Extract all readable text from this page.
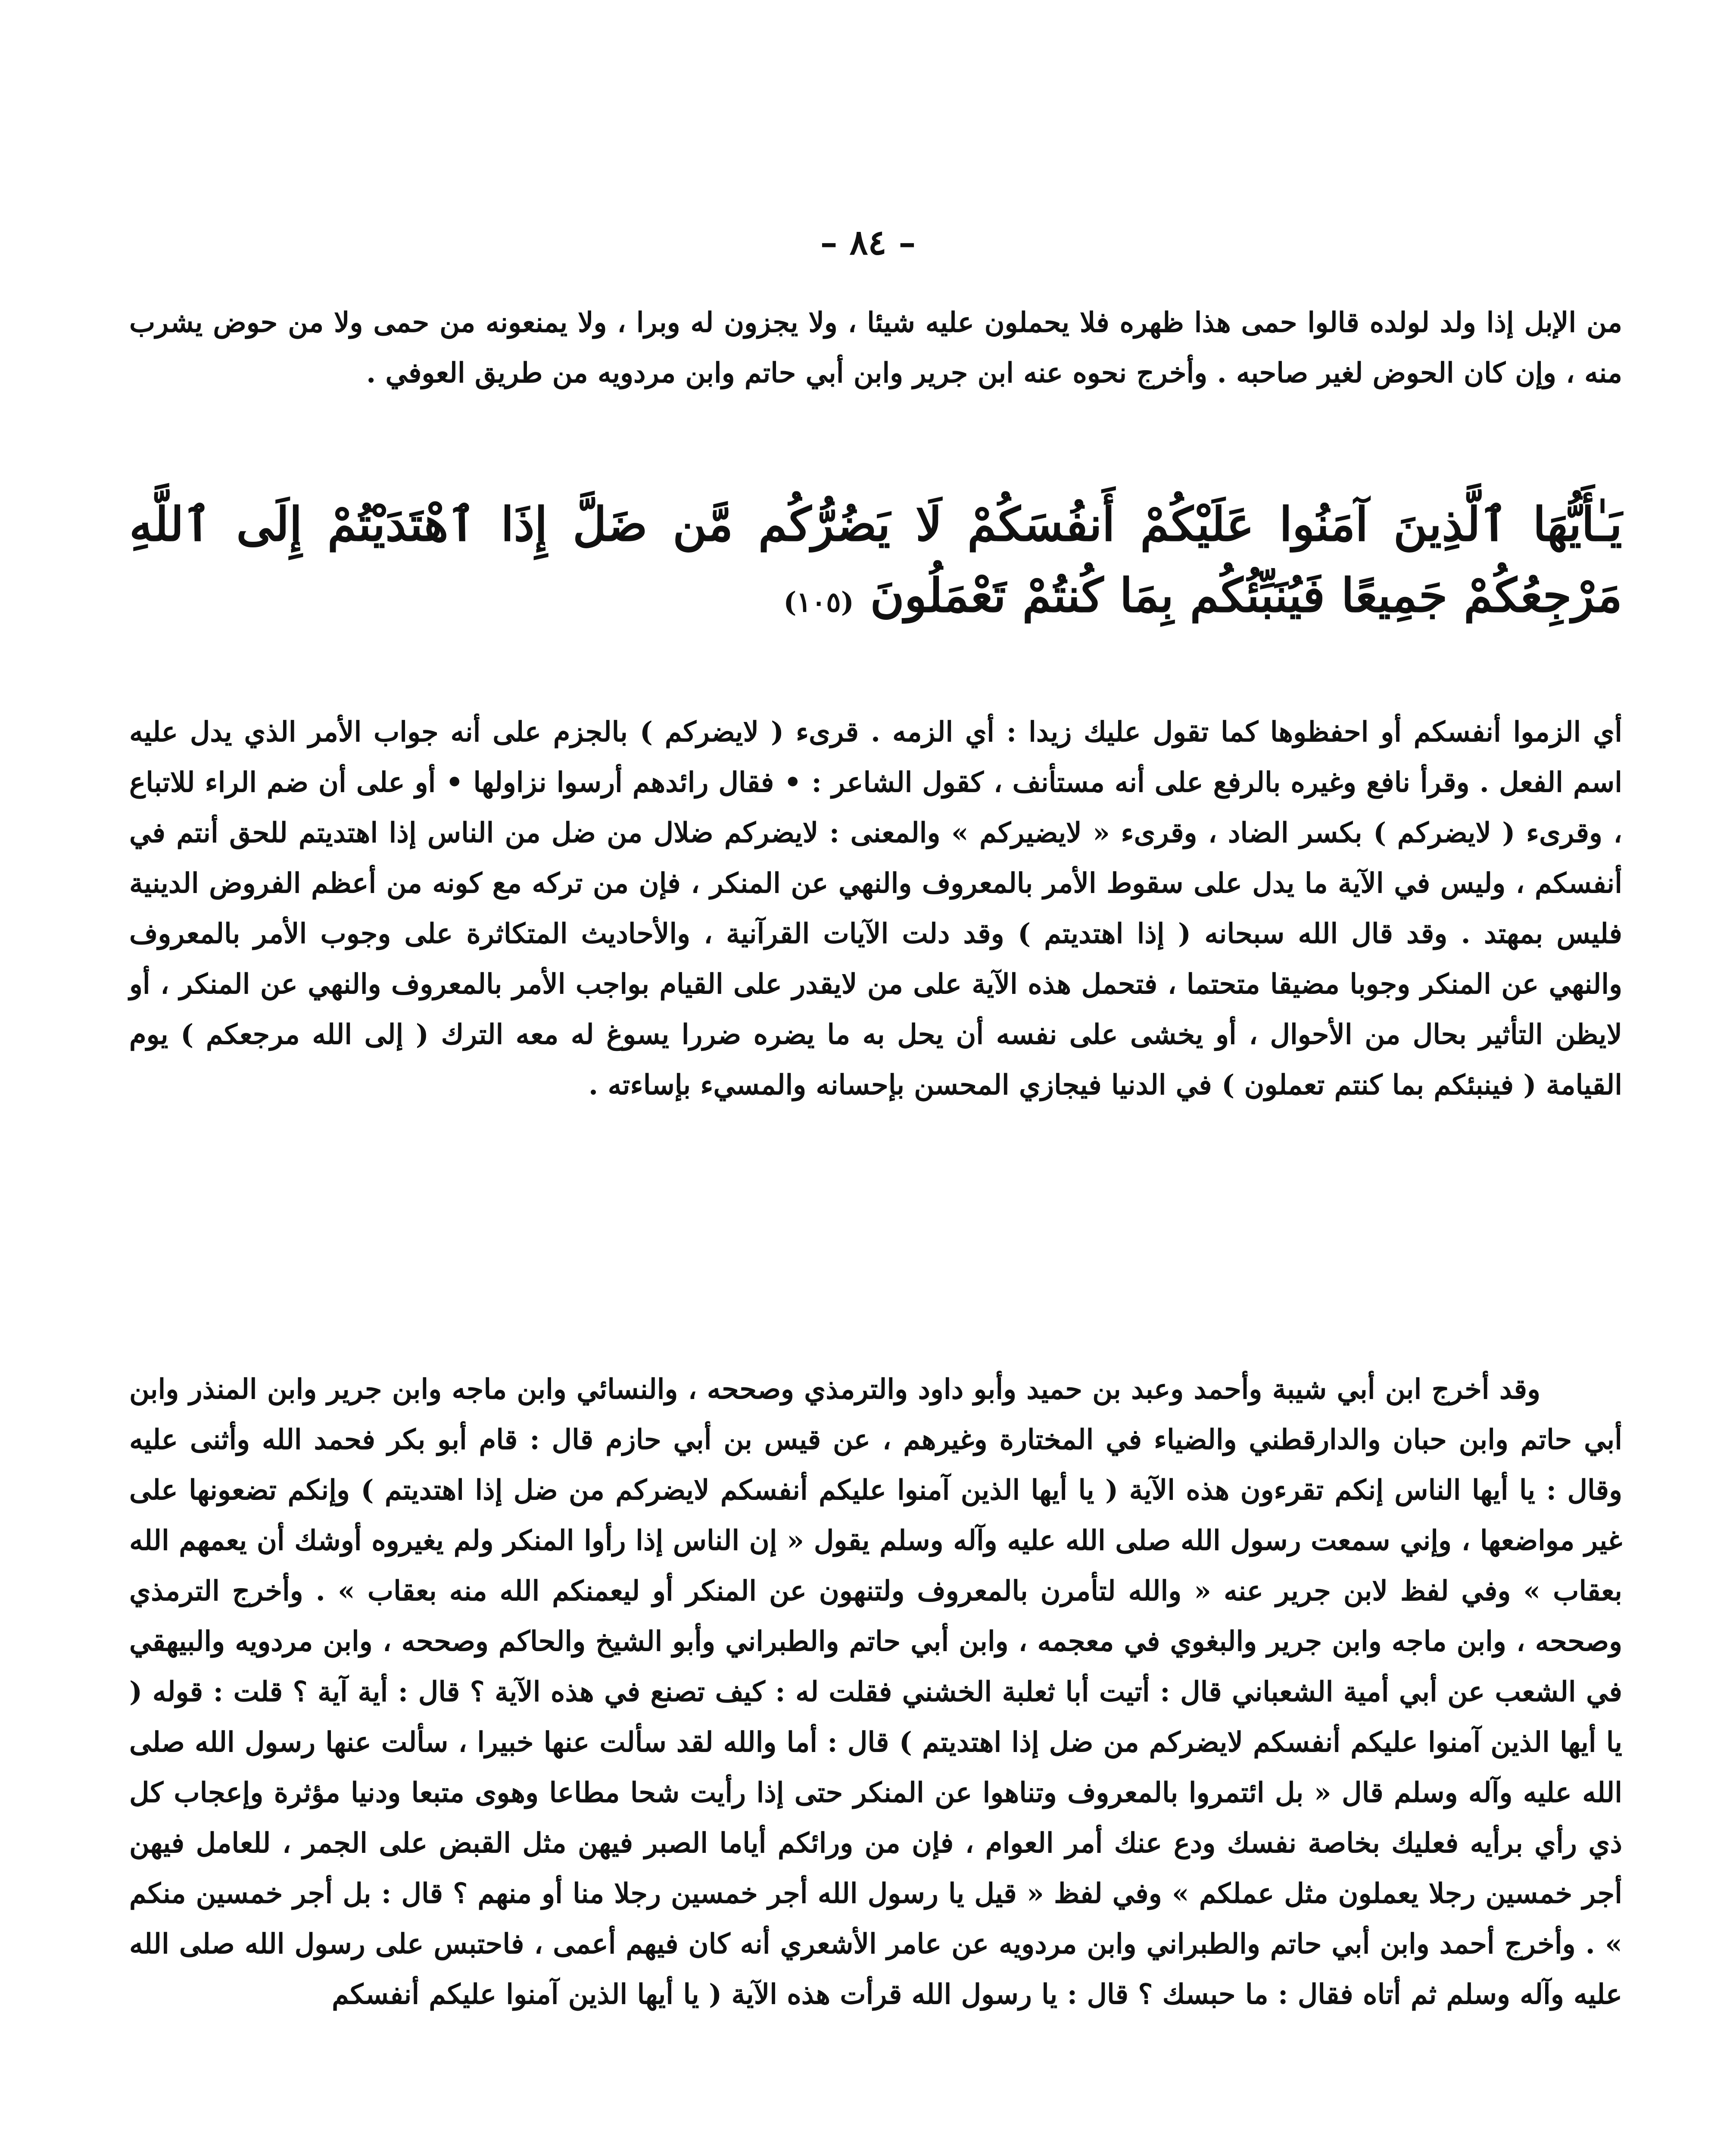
– ٨٤ –

من الإبل إذا ولد لولده قالوا حمى هذا ظهره فلا يحملون عليه شيئا ، ولا يجزون له وبرا ، ولا يمنعونه من حمى ولا من حوض يشرب منه ، وإن كان الحوض لغير صاحبه . وأخرج نحوه عنه ابن جرير وابن أبي حاتم وابن مردويه من طريق العوفي .

يَـٰأَيُّهَا ٱلَّذِينَ آمَنُوا عَلَيْكُمْ أَنفُسَكُمْ لَا يَضُرُّكُم مَّن ضَلَّ إِذَا ٱهْتَدَيْتُمْ إِلَى ٱللَّهِ مَرْجِعُكُمْ جَمِيعًا فَيُنَبِّئُكُم بِمَا كُنتُمْ تَعْمَلُونَ (١٠٥)

أي الزموا أنفسكم أو احفظوها كما تقول عليك زيدا : أي الزمه . قرىء ( لايضركم ) بالجزم على أنه جواب الأمر الذي يدل عليه اسم الفعل . وقرأ نافع وغيره بالرفع على أنه مستأنف ، كقول الشاعر : • فقال رائدهم أرسوا نزاولها • أو على أن ضم الراء للاتباع ، وقرىء ( لايضركم ) بكسر الضاد ، وقرىء « لايضيركم » والمعنى : لايضركم ضلال من ضل من الناس إذا اهتديتم للحق أنتم في أنفسكم ، وليس في الآية ما يدل على سقوط الأمر بالمعروف والنهي عن المنكر ، فإن من تركه مع كونه من أعظم الفروض الدينية فليس بمهتد . وقد قال الله سبحانه ( إذا اهتديتم ) وقد دلت الآيات القرآنية ، والأحاديث المتكاثرة على وجوب الأمر بالمعروف والنهي عن المنكر وجوبا مضيقا متحتما ، فتحمل هذه الآية على من لايقدر على القيام بواجب الأمر بالمعروف والنهي عن المنكر ، أو لايظن التأثير بحال من الأحوال ، أو يخشى على نفسه أن يحل به ما يضره ضررا يسوغ له معه الترك ( إلى الله مرجعكم ) يوم القيامة ( فينبئكم بما كنتم تعملون ) في الدنيا فيجازي المحسن بإحسانه والمسيء بإساءته .

وقد أخرج ابن أبي شيبة وأحمد وعبد بن حميد وأبو داود والترمذي وصححه ، والنسائي وابن ماجه وابن جرير وابن المنذر وابن أبي حاتم وابن حبان والدارقطني والضياء في المختارة وغيرهم ، عن قيس بن أبي حازم قال : قام أبو بكر فحمد الله وأثنى عليه وقال : يا أيها الناس إنكم تقرءون هذه الآية ( يا أيها الذين آمنوا عليكم أنفسكم لايضركم من ضل إذا اهتديتم ) وإنكم تضعونها على غير مواضعها ، وإني سمعت رسول الله صلى الله عليه وآله وسلم يقول « إن الناس إذا رأوا المنكر ولم يغيروه أوشك أن يعمهم الله بعقاب » وفي لفظ لابن جرير عنه « والله لتأمرن بالمعروف ولتنهون عن المنكر أو ليعمنكم الله منه بعقاب » . وأخرج الترمذي وصححه ، وابن ماجه وابن جرير والبغوي في معجمه ، وابن أبي حاتم والطبراني وأبو الشيخ والحاكم وصححه ، وابن مردويه والبيهقي في الشعب عن أبي أمية الشعباني قال : أتيت أبا ثعلبة الخشني فقلت له : كيف تصنع في هذه الآية ؟ قال : أية آية ؟ قلت : قوله ( يا أيها الذين آمنوا عليكم أنفسكم لايضركم من ضل إذا اهتديتم ) قال : أما والله لقد سألت عنها خبيرا ، سألت عنها رسول الله صلى الله عليه وآله وسلم قال « بل ائتمروا بالمعروف وتناهوا عن المنكر حتى إذا رأيت شحا مطاعا وهوى متبعا ودنيا مؤثرة وإعجاب كل ذي رأي برأيه فعليك بخاصة نفسك ودع عنك أمر العوام ، فإن من ورائكم أياما الصبر فيهن مثل القبض على الجمر ، للعامل فيهن أجر خمسين رجلا يعملون مثل عملكم » وفي لفظ « قيل يا رسول الله أجر خمسين رجلا منا أو منهم ؟ قال : بل أجر خمسين منكم » . وأخرج أحمد وابن أبي حاتم والطبراني وابن مردويه عن عامر الأشعري أنه كان فيهم أعمى ، فاحتبس على رسول الله صلى الله عليه وآله وسلم ثم أتاه فقال : ما حبسك ؟ قال : يا رسول الله قرأت هذه الآية ( يا أيها الذين آمنوا عليكم أنفسكم
